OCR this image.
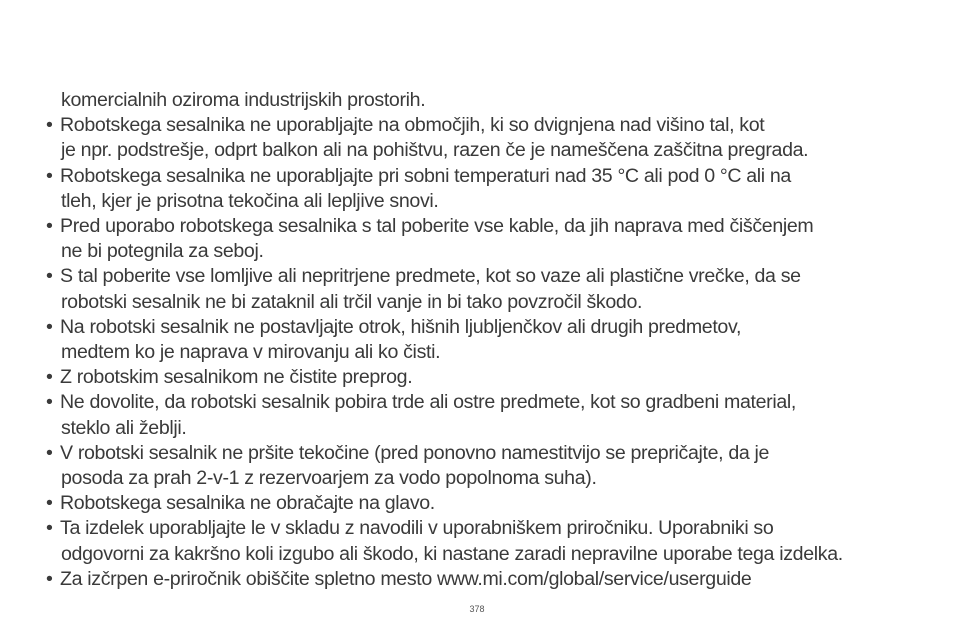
komercialnih oziroma industrijskih prostorih.

• Robotskega sesalnika ne uporabljajte na območjih, ki so dvignjena nad višino tal, kot
je npr. podstrešje, odprt balkon ali na pohištvu, razen če je nameščena zaščitna pregrada.

• Robotskega sesalnika ne uporabljajte pri sobni temperaturi nad 35 °C ali pod 0 °C ali na
tleh, kjer je prisotna tekočina ali lepljive snovi.

• Pred uporabo robotskega sesalnika s tal poberite vse kable, da jih naprava med čiščenjem
ne bi potegnila za seboj.

• S tal poberite vse lomljive ali nepritrjene predmete, kot so vaze ali plastične vrečke, da se
robotski sesalnik ne bi zataknil ali trčil vanje in bi tako povzročil škodo.

• Na robotski sesalnik ne postavljajte otrok, hišnih ljubljenčkov ali drugih predmetov,
medtem ko je naprava v mirovanju ali ko čisti.

• Z robotskim sesalnikom ne čistite preprog.

• Ne dovolite, da robotski sesalnik pobira trde ali ostre predmete, kot so gradbeni material,
steklo ali žeblji.

• V robotski sesalnik ne pršite tekočine (pred ponovno namestitvijo se prepričajte, da je
posoda za prah 2-v-1 z rezervoarjem za vodo popolnoma suha).

• Robotskega sesalnika ne obračajte na glavo.

• Ta izdelek uporabljajte le v skladu z navodili v uporabniškem priročniku. Uporabniki so
odgovorni za kakršno koli izgubo ali škodo, ki nastane zaradi nepravilne uporabe tega izdelka.

• Za izčrpen e-priročnik obiščite spletno mesto www.mi.com/global/service/userguide

378
